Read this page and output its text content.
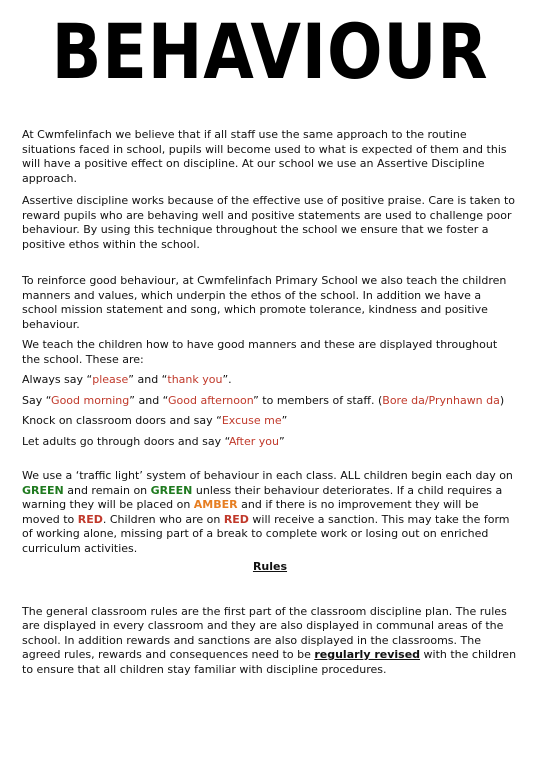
BEHAVIOUR

At Cwmfelinfach we believe that if all staff use the same approach to the routine situations faced in school, pupils will become used to what is expected of them and this will have a positive effect on discipline. At our school we use an Assertive Discipline approach.

Assertive discipline works because of the effective use of positive praise. Care is taken to reward pupils who are behaving well and positive statements are used to challenge poor behaviour. By using this technique throughout the school we ensure that we foster a positive ethos within the school.

To reinforce good behaviour, at Cwmfelinfach Primary School we also teach the children manners and values, which underpin the ethos of the school. In addition we have a school mission statement and song, which promote tolerance, kindness and positive behaviour.

We teach the children how to have good manners and these are displayed throughout the school. These are:

Always say “please” and “thank you”.

Say “Good morning” and “Good afternoon” to members of staff. (Bore da/Prynhawn da)

Knock on classroom doors and say “Excuse me”

Let adults go through doors and say “After you”

We use a ‘traffic light’ system of behaviour in each class. ALL children begin each day on GREEN and remain on GREEN unless their behaviour deteriorates. If a child requires a warning they will be placed on AMBER and if there is no improvement they will be moved to RED. Children who are on RED will receive a sanction. This may take the form of working alone, missing part of a break to complete work or losing out on enriched curriculum activities.

Rules

The general classroom rules are the first part of the classroom discipline plan. The rules are displayed in every classroom and they are also displayed in communal areas of the school. In addition rewards and sanctions are also displayed in the classrooms. The agreed rules, rewards and consequences need to be regularly revised with the children to ensure that all children stay familiar with discipline procedures.
